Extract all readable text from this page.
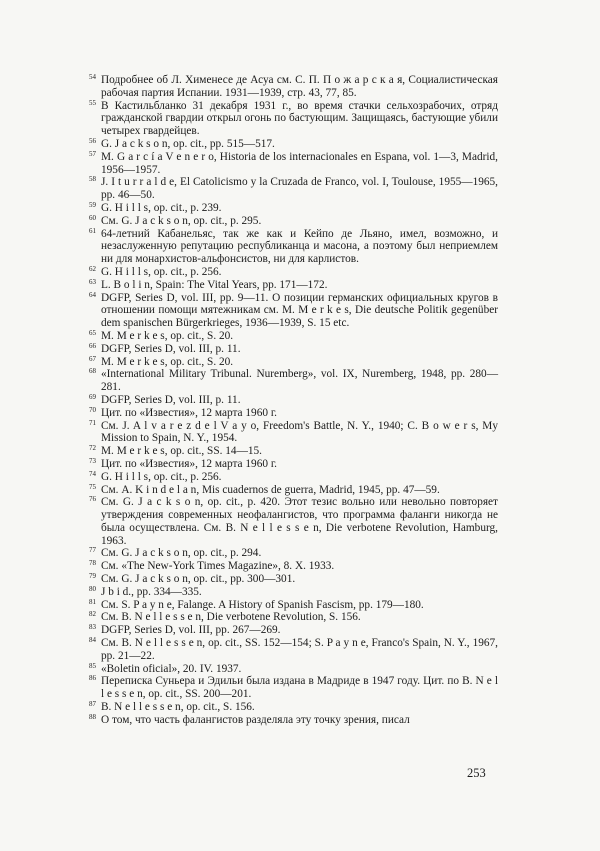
54 Подробнее об Л. Хименесе де Асуа см. С. П. П о ж а р с к а я, Социалистическая рабочая партия Испании. 1931—1939, стр. 43, 77, 85.

55 В Кастильбланко 31 декабря 1931 г., во время стачки сельхозрабочих, отряд гражданской гвардии открыл огонь по бастующим. Защищаясь, бастующие убили четырех гвардейцев.

56 G. J a c k s o n, op. cit., pp. 515—517.

57 M. G a r c í a V e n e r o, Historia de los internacionales en Espana, vol. 1—3, Madrid, 1956—1957.

58 J. I t u r r a l d e, El Catolicismo y la Cruzada de Franco, vol. I, Toulouse, 1955—1965, pp. 46—50.

59 G. H i l l s, op. cit., p. 239.

60 См. G. J a c k s o n, op. cit., p. 295.

61 64-летний Кабанельяс, так же как и Кейпо де Льяно, имел, возможно, и незаслуженную репутацию республиканца и масона, а поэтому был неприемлем ни для монархистов-альфонсистов, ни для карлистов.

62 G. H i l l s, op. cit., p. 256.

63 L. B o l i n, Spain: The Vital Years, pp. 171—172.

64 DGFP, Series D, vol. III, pp. 9—11. О позиции германских официальных кругов в отношении помощи мятежникам см. M. M e r k e s, Die deutsche Politik gegenüber dem spanischen Bürgerkrieges, 1936—1939, S. 15 etc.

65 M. M e r k e s, op. cit., S. 20.

66 DGFP, Series D, vol. III, p. 11.

67 M. M e r k e s, op. cit., S. 20.

68 «International Military Tribunal. Nuremberg», vol. IX, Nuremberg, 1948, pp. 280—281.

69 DGFP, Series D, vol. III, p. 11.

70 Цит. по «Известия», 12 марта 1960 г.

71 См. J. A l v a r e z d e l V a y o, Freedom's Battle, N. Y., 1940; C. B o w e r s, My Mission to Spain, N. Y., 1954.

72 M. M e r k e s, op. cit., SS. 14—15.

73 Цит. по «Известия», 12 марта 1960 г.

74 G. H i l l s, op. cit., p. 256.

75 См. A. K i n d e l a n, Mis cuadernos de guerra, Madrid, 1945, pp. 47—59.

76 См. G. J a c k s o n, op. cit., p. 420. Этот тезис вольно или невольно повторяет утверждения современных неофалангистов, что программа фаланги никогда не была осуществлена. См. B. N e l l e s s e n, Die verbotene Revolution, Hamburg, 1963.

77 См. G. J a c k s o n, op. cit., p. 294.

78 См. «The New-York Times Magazine», 8. X. 1933.

79 См. G. J a c k s o n, op. cit., pp. 300—301.

80 J b i d., pp. 334—335.

81 См. S. P a y n e, Falange. A History of Spanish Fascism, pp. 179—180.

82 См. B. N e l l e s s e n, Die verbotene Revolution, S. 156.

83 DGFP, Series D, vol. III, pp. 267—269.

84 См. B. N e l l e s s e n, op. cit., SS. 152—154; S. P a y n e, Franco's Spain, N. Y., 1967, pp. 21—22.

85 «Boletin oficial», 20. IV. 1937.

86 Переписка Суньера и Эдильи была издана в Мадриде в 1947 году. Цит. по B. N e l l e s s e n, op. cit., SS. 200—201.

87 B. N e l l e s s e n, op. cit., S. 156.

88 О том, что часть фалангистов разделяла эту точку зрения, писал

253
